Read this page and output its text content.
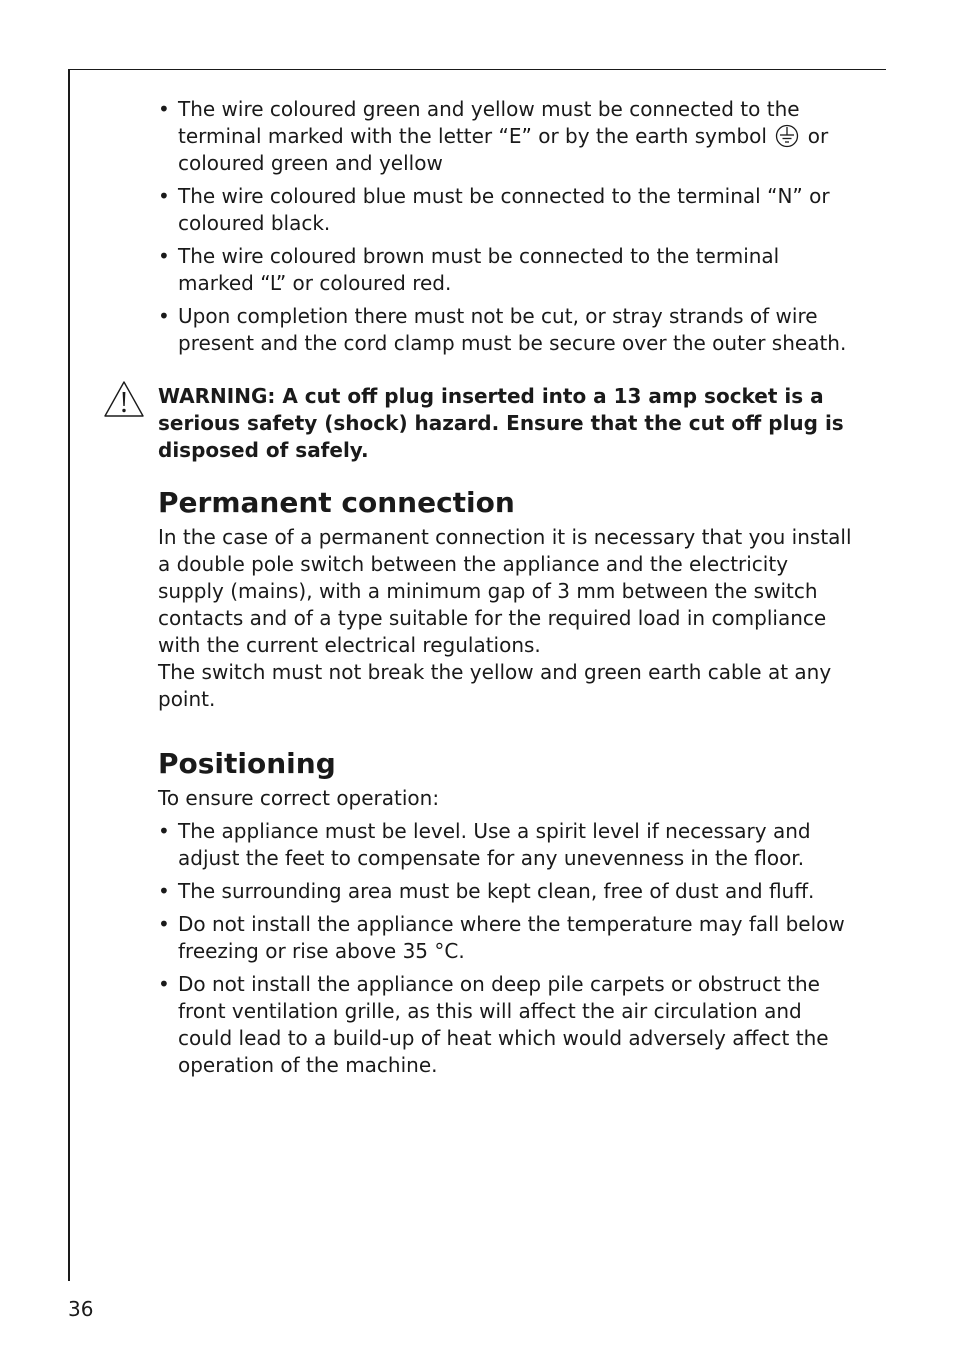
• The wire coloured green and yellow must be connected to the terminal marked with the letter “E” or by the earth symbol or coloured green and yellow
• The wire coloured blue must be connected to the terminal “N” or coloured black.
• The wire coloured brown must be connected to the terminal marked “L” or coloured red.
• Upon completion there must not be cut, or stray strands of wire present and the cord clamp must be secure over the outer sheath.

WARNING: A cut off plug inserted into a 13 amp socket is a serious safety (shock) hazard. Ensure that the cut off plug is disposed of safely.

Permanent connection

In the case of a permanent connection it is necessary that you install a double pole switch between the appliance and the electricity supply (mains), with a minimum gap of 3 mm between the switch contacts and of a type suitable for the required load in compliance with the current electrical regulations.

The switch must not break the yellow and green earth cable at any point.

Positioning

To ensure correct operation:

• The appliance must be level. Use a spirit level if necessary and adjust the feet to compensate for any unevenness in the floor.
• The surrounding area must be kept clean, free of dust and fluff.
• Do not install the appliance where the temperature may fall below freezing or rise above 35 °C.
• Do not install the appliance on deep pile carpets or obstruct the front ventilation grille, as this will affect the air circulation and could lead to a build-up of heat which would adversely affect the operation of the machine.
36
